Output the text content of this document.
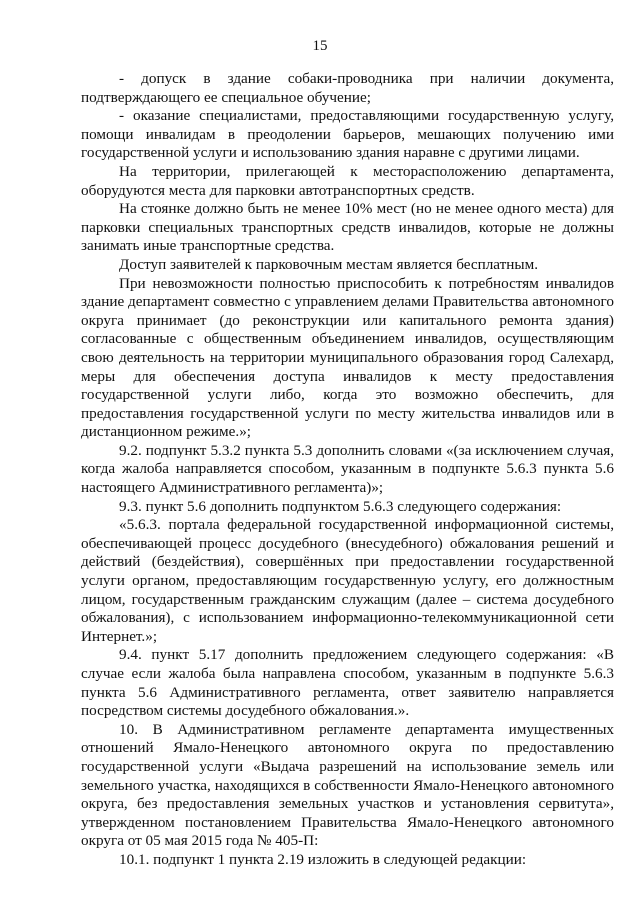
15

- допуск в здание собаки-проводника при наличии документа, подтверждающего ее специальное обучение;

- оказание специалистами, предоставляющими государственную услугу, помощи инвалидам в преодолении барьеров, мешающих получению ими государственной услуги и использованию здания наравне с другими лицами.

На территории, прилегающей к месторасположению департамента, оборудуются места для парковки автотранспортных средств.

На стоянке должно быть не менее 10% мест (но не менее одного места) для парковки специальных транспортных средств инвалидов, которые не должны занимать иные транспортные средства.

Доступ заявителей к парковочным местам является бесплатным.

При невозможности полностью приспособить к потребностям инвалидов здание департамент совместно с управлением делами Правительства автономного округа принимает (до реконструкции или капитального ремонта здания) согласованные с общественным объединением инвалидов, осуществляющим свою деятельность на территории муниципального образования город Салехард, меры для обеспечения доступа инвалидов к месту предоставления государственной услуги либо, когда это возможно обеспечить, для предоставления государственной услуги по месту жительства инвалидов или в дистанционном режиме.»;

9.2. подпункт 5.3.2 пункта 5.3 дополнить словами «(за исключением случая, когда жалоба направляется способом, указанным в подпункте 5.6.3 пункта 5.6 настоящего Административного регламента)»;

9.3. пункт 5.6 дополнить подпунктом 5.6.3 следующего содержания:

«5.6.3. портала федеральной государственной информационной системы, обеспечивающей процесс досудебного (внесудебного) обжалования решений и действий (бездействия), совершённых при предоставлении государственной услуги органом, предоставляющим государственную услугу, его должностным лицом, государственным гражданским служащим (далее – система досудебного обжалования), с использованием информационно-телекоммуникационной сети Интернет.»;

9.4. пункт 5.17 дополнить предложением следующего содержания: «В случае если жалоба была направлена способом, указанным в подпункте 5.6.3 пункта 5.6 Административного регламента, ответ заявителю направляется посредством системы досудебного обжалования.».

10. В Административном регламенте департамента имущественных отношений Ямало-Ненецкого автономного округа по предоставлению государственной услуги «Выдача разрешений на использование земель или земельного участка, находящихся в собственности Ямало-Ненецкого автономного округа, без предоставления земельных участков и установления сервитута», утвержденном постановлением Правительства Ямало-Ненецкого автономного округа от 05 мая 2015 года № 405-П:

10.1. подпункт 1 пункта 2.19 изложить в следующей редакции:
